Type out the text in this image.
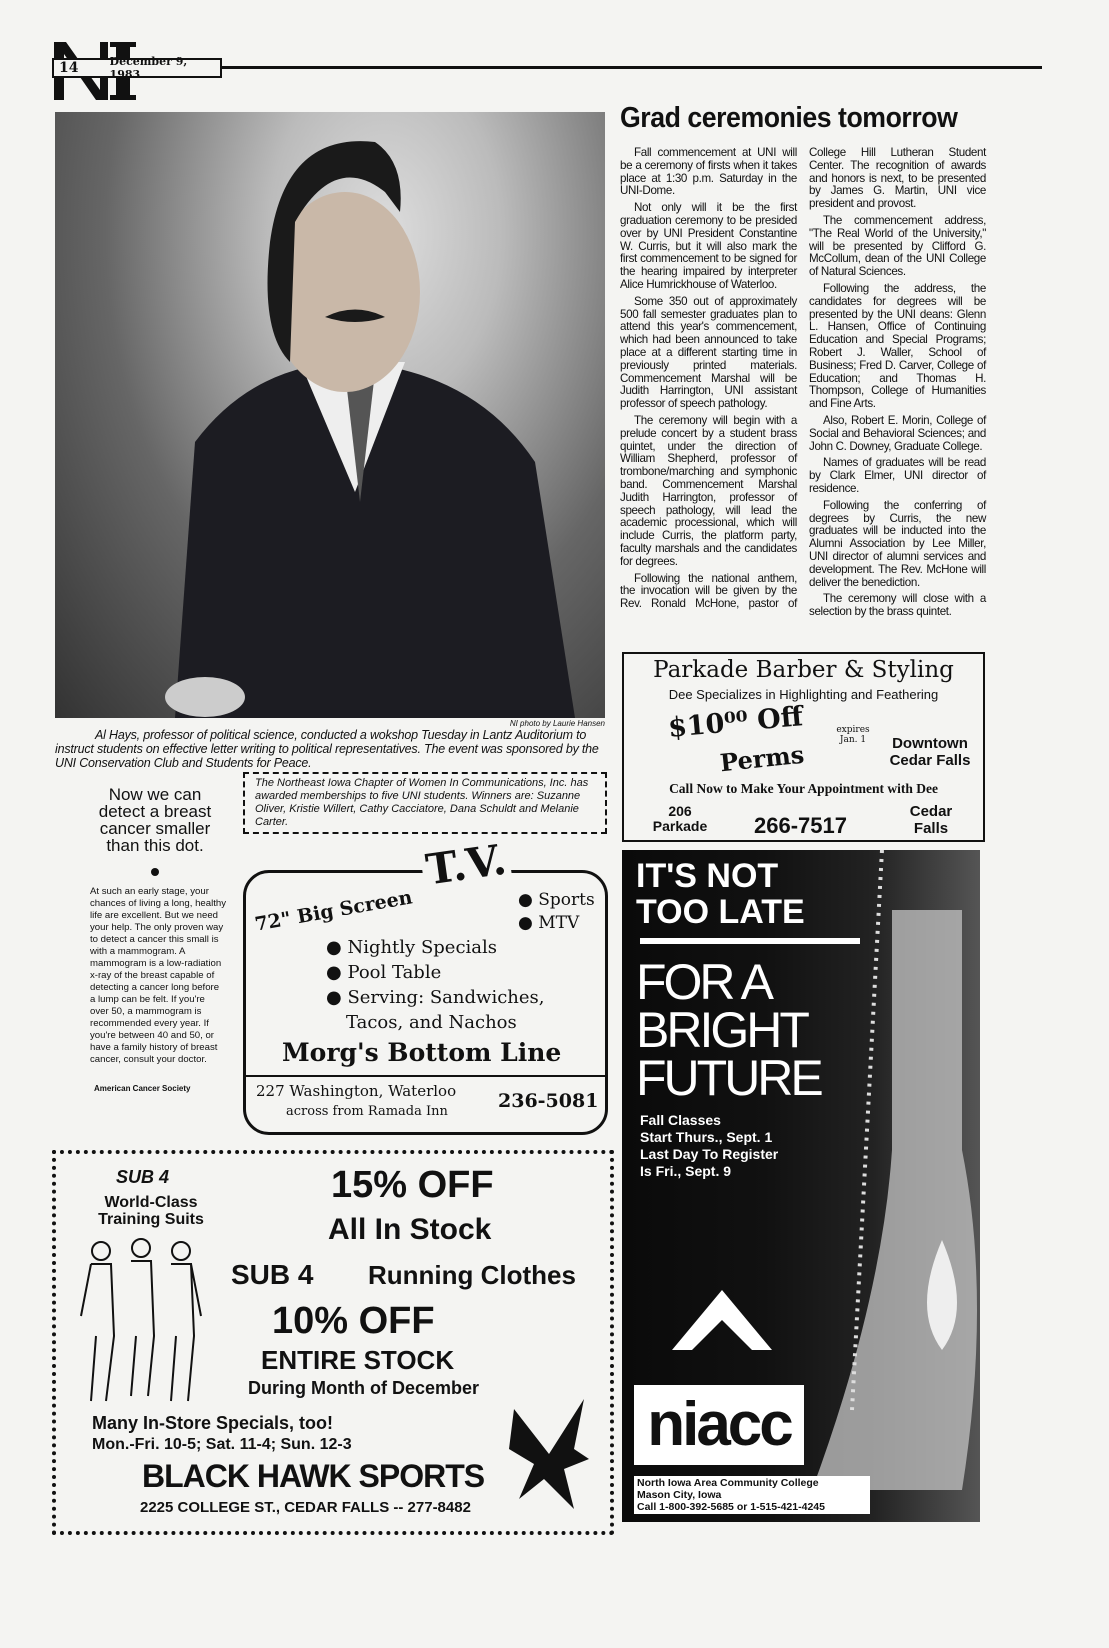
14	December 9, 1983
NI photo by Laurie Hansen
Al Hays, professor of political science, conducted a wokshop Tuesday in Lantz Auditorium to instruct students on effective letter writing to political representatives. The event was sponsored by the UNI Conservation Club and Students for Peace.
Grad ceremonies tomorrow

Fall commencement at UNI will be a ceremony of firsts when it takes place at 1:30 p.m. Saturday in the UNI-Dome.

Not only will it be the first graduation ceremony to be presided over by UNI President Constantine W. Curris, but it will also mark the first commencement to be signed for the hearing impaired by interpreter Alice Humrickhouse of Waterloo.

Some 350 out of approximately 500 fall semester graduates plan to attend this year's commencement, which had been announced to take place at a different starting time in previously printed materials. Commencement Marshal will be Judith Harrington, UNI assistant professor of speech pathology.

The ceremony will begin with a prelude concert by a student brass quintet, under the direction of William Shepherd, professor of trombone/marching and symphonic band. Commencement Marshal Judith Harrington, professor of speech pathology, will lead the academic processional, which will include Curris, the platform party, faculty marshals and the candidates for degrees.

Following the national anthem, the invocation will be given by the Rev. Ronald McHone, pastor of College Hill Lutheran Student Center. The recognition of awards and honors is next, to be presented by James G. Martin, UNI vice president and provost.

The commencement address, "The Real World of the University," will be presented by Clifford G. McCollum, dean of the UNI College of Natural Sciences.

Following the address, the candidates for degrees will be presented by the UNI deans: Glenn L. Hansen, Office of Continuing Education and Special Programs; Robert J. Waller, School of Business; Fred D. Carver, College of Education; and Thomas H. Thompson, College of Humanities and Fine Arts.

Also, Robert E. Morin, College of Social and Behavioral Sciences; and John C. Downey, Graduate College.

Names of graduates will be read by Clark Elmer, UNI director of residence.

Following the conferring of degrees by Curris, the new graduates will be inducted into the Alumni Association by Lee Miller, UNI director of alumni services and development. The Rev. McHone will deliver the benediction.

The ceremony will close with a selection by the brass quintet.

Parkade Barber & Styling
Dee Specializes in Highlighting and Feathering
$10⁰⁰ Off
Perms
expires Jan. 1	Downtown Cedar Falls
Call Now to Make Your Appointment with Dee
206 Parkade	266-7517
Cedar Falls
The Northeast Iowa Chapter of Women In Communications, Inc. has awarded memberships to five UNI students. Winners are: Suzanne Oliver, Kristie Willert, Cathy Cacciatore, Dana Schuldt and Melanie Carter.
Now we can detect a breast cancer smaller than this dot.

At such an early stage, your chances of living a long, healthy life are excellent. But we need your help. The only proven way to detect a cancer this small is with a mammogram. A mammogram is a low-radiation x-ray of the breast capable of detecting a cancer long before a lump can be felt. If you're over 50, a mammogram is recommended every year. If you're between 40 and 50, or have a family history of breast cancer, consult your doctor.

American Cancer Society
72" Big Screen
T.V.
● Sports
● MTV
● Nightly Specials
● Pool Table
● Serving: Sandwiches, Tacos, and Nachos
Morg's Bottom Line
227 Washington, Waterloo
across from Ramada Inn	236-5081
SUB 4
World-Class Training Suits
15% OFF
All In Stock
SUB 4 Running Clothes
10% OFF
ENTIRE STOCK
During Month of December
Many In-Store Specials, too!
Mon.-Fri. 10-5; Sat. 11-4; Sun. 12-3
BLACK HAWK SPORTS
2225 COLLEGE ST., CEDAR FALLS -- 277-8482
IT'S NOT
TOO LATE
FOR A
BRIGHT
FUTURE
Fall Classes
Start Thurs., Sept. 1
Last Day To Register
Is Fri., Sept. 9
niacc
North Iowa Area Community College
Mason City, Iowa
Call 1-800-392-5685 or 1-515-421-4245
